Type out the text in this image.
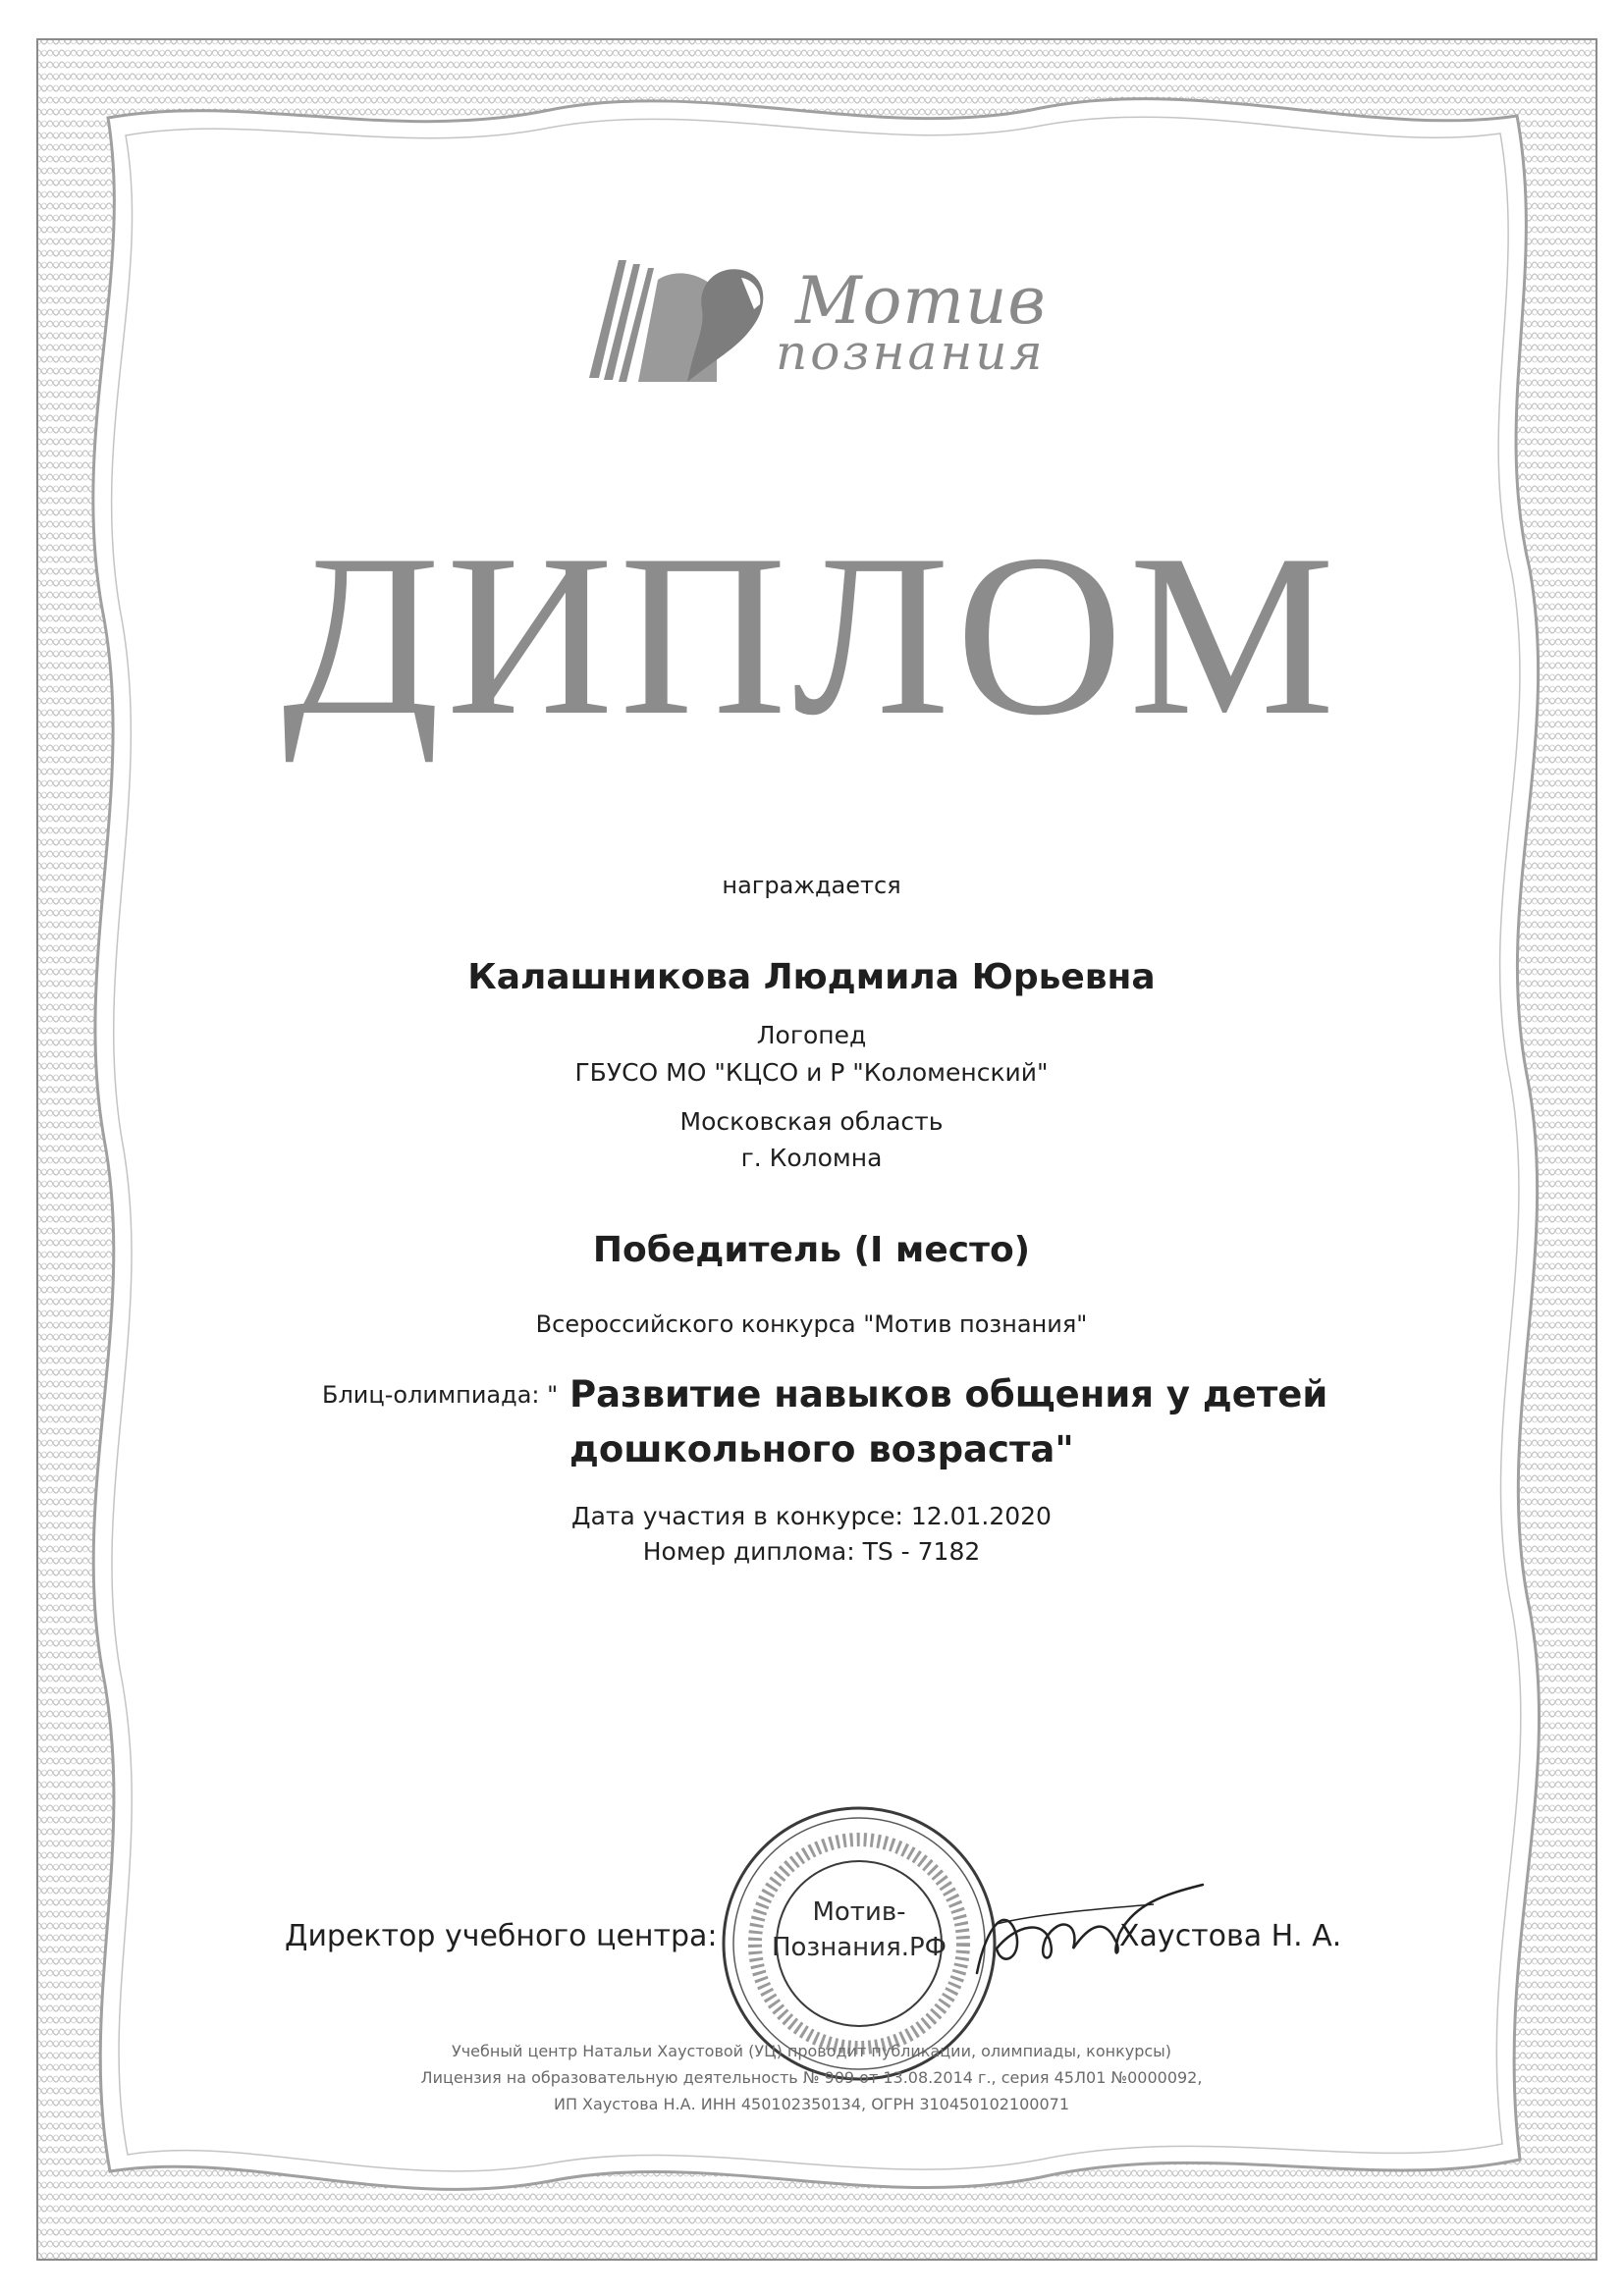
Мотив
познания
ДИПЛОМ
награждается
Калашникова Людмила Юрьевна
Логопед
ГБУСО МО "КЦСО и Р "Коломенский"
Московская область
г. Коломна
Победитель (I место)
Всероссийского конкурса "Мотив познания"
Блиц-олимпиада: " Развитие навыков общения у детей дошкольного возраста"
Дата участия в конкурсе: 12.01.2020
Номер диплома: TS - 7182
Директор учебного центра:
Мотив-
Познания.РФ	Хаустова Н. А.
Учебный центр Натальи Хаустовой (УЦ) проводит публикации, олимпиады, конкурсы)
Лицензия на образовательную деятельность № 909 от 13.08.2014 г., серия 45Л01 №0000092,
ИП Хаустова Н.А. ИНН 450102350134, ОГРН 310450102100071
